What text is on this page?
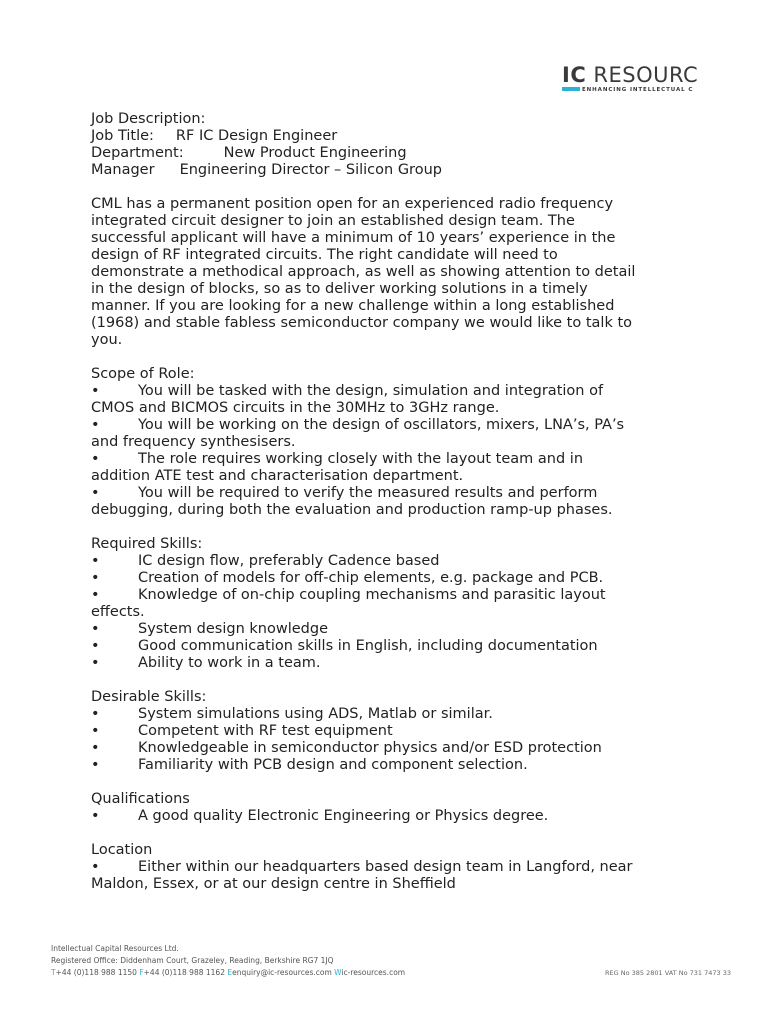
IC RESOURC
ENHANCING INTELLECTUAL C
Job Description:
Job Title: RF IC Design Engineer
Department:	New Product Engineering
Manager Engineering Director – Silicon Group
CML has a permanent position open for an experienced radio frequency
integrated circuit designer to join an established design team. The
successful applicant will have a minimum of 10 years’ experience in the
design of RF integrated circuits. The right candidate will need to
demonstrate a methodical approach, as well as showing attention to detail
in the design of blocks, so as to deliver working solutions in a timely
manner. If you are looking for a new challenge within a long established
(1968) and stable fabless semiconductor company we would like to talk to
you.
Scope of Role:
•	You will be tasked with the design, simulation and integration of
CMOS and BICMOS circuits in the 30MHz to 3GHz range.
•	You will be working on the design of oscillators, mixers, LNA’s, PA’s
and frequency synthesisers.
•	The role requires working closely with the layout team and in
addition ATE test and characterisation department.
•	You will be required to verify the measured results and perform
debugging, during both the evaluation and production ramp-up phases.
Required Skills:
•	IC design flow, preferably Cadence based
•	Creation of models for off-chip elements, e.g. package and PCB.
•	Knowledge of on-chip coupling mechanisms and parasitic layout
effects.
•	System design knowledge
•	Good communication skills in English, including documentation
•	Ability to work in a team.
Desirable Skills:
•	System simulations using ADS, Matlab or similar.
•	Competent with RF test equipment
•	Knowledgeable in semiconductor physics and/or ESD protection
•	Familiarity with PCB design and component selection.
Qualifications
•	A good quality Electronic Engineering or Physics degree.
Location
•	Either within our headquarters based design team in Langford, near
Maldon, Essex, or at our design centre in Sheffield
Intellectual Capital Resources Ltd.
Registered Office: Diddenham Court, Grazeley, Reading, Berkshire RG7 1JQ
T+44 (0)118 988 1150 F+44 (0)118 988 1162 Eenquiry@ic-resources.com Wic-resources.com	REG No 385 2801 VAT No 731 7473 33
